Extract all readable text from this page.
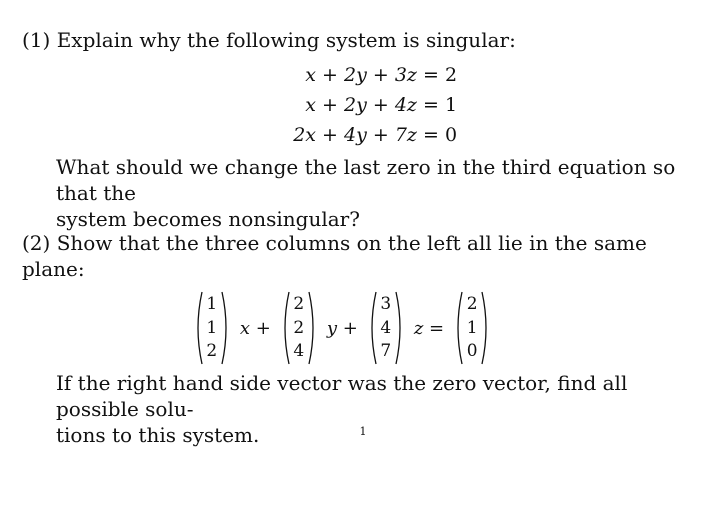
(1) Explain why the following system is singular:
x + 2y + 3z = 2
x + 2y + 4z = 1
2x + 4y + 7z = 0
What should we change the last zero in the third equation so that the
system becomes nonsingular?
(2) Show that the three columns on the left all lie in the same plane:
1
1
2
x +
2
2
4
y +
3
4
7
z =
2
1
0
If the right hand side vector was the zero vector, find all possible solu-
tions to this system.	1
